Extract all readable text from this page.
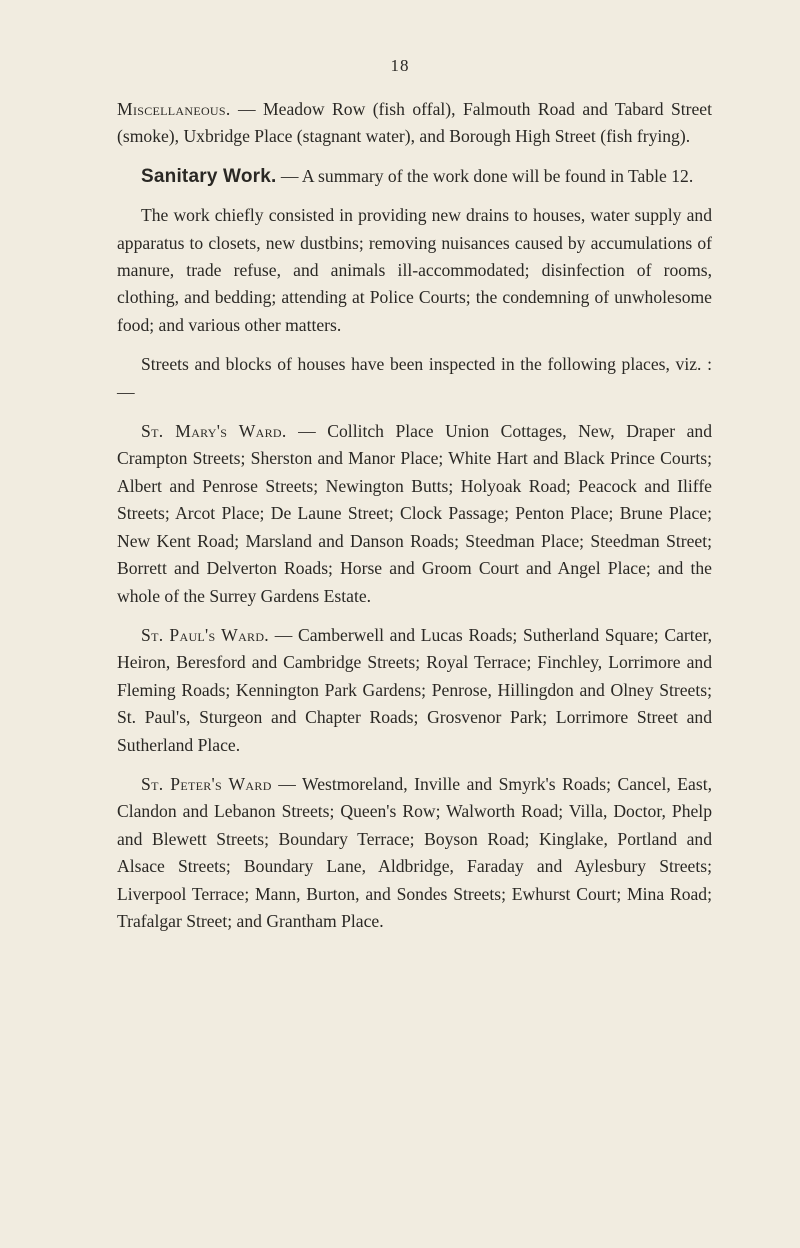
18

Miscellaneous. — Meadow Row (fish offal), Falmouth Road and Tabard Street (smoke), Uxbridge Place (stagnant water), and Borough High Street (fish frying).

Sanitary Work. — A summary of the work done will be found in Table 12.

The work chiefly consisted in providing new drains to houses, water supply and apparatus to closets, new dustbins; removing nuisances caused by accumulations of manure, trade refuse, and animals ill-accommodated; disinfection of rooms, clothing, and bedding; attending at Police Courts; the condemning of unwholesome food; and various other matters.

Streets and blocks of houses have been inspected in the following places, viz. : —

St. Mary's Ward. — Collitch Place Union Cottages, New, Draper and Crampton Streets; Sherston and Manor Place; White Hart and Black Prince Courts; Albert and Penrose Streets; Newington Butts; Holyoak Road; Peacock and Iliffe Streets; Arcot Place; De Laune Street; Clock Passage; Penton Place; Brune Place; New Kent Road; Marsland and Danson Roads; Steedman Place; Steedman Street; Borrett and Delverton Roads; Horse and Groom Court and Angel Place; and the whole of the Surrey Gardens Estate.

St. Paul's Ward. — Camberwell and Lucas Roads; Sutherland Square; Carter, Heiron, Beresford and Cambridge Streets; Royal Terrace; Finchley, Lorrimore and Fleming Roads; Kennington Park Gardens; Penrose, Hillingdon and Olney Streets; St. Paul's, Sturgeon and Chapter Roads; Grosvenor Park; Lorrimore Street and Sutherland Place.

St. Peter's Ward — Westmoreland, Inville and Smyrk's Roads; Cancel, East, Clandon and Lebanon Streets; Queen's Row; Walworth Road; Villa, Doctor, Phelp and Blewett Streets; Boundary Terrace; Boyson Road; Kinglake, Portland and Alsace Streets; Boundary Lane, Aldbridge, Faraday and Aylesbury Streets; Liverpool Terrace; Mann, Burton, and Sondes Streets; Ewhurst Court; Mina Road; Trafalgar Street; and Grantham Place.
